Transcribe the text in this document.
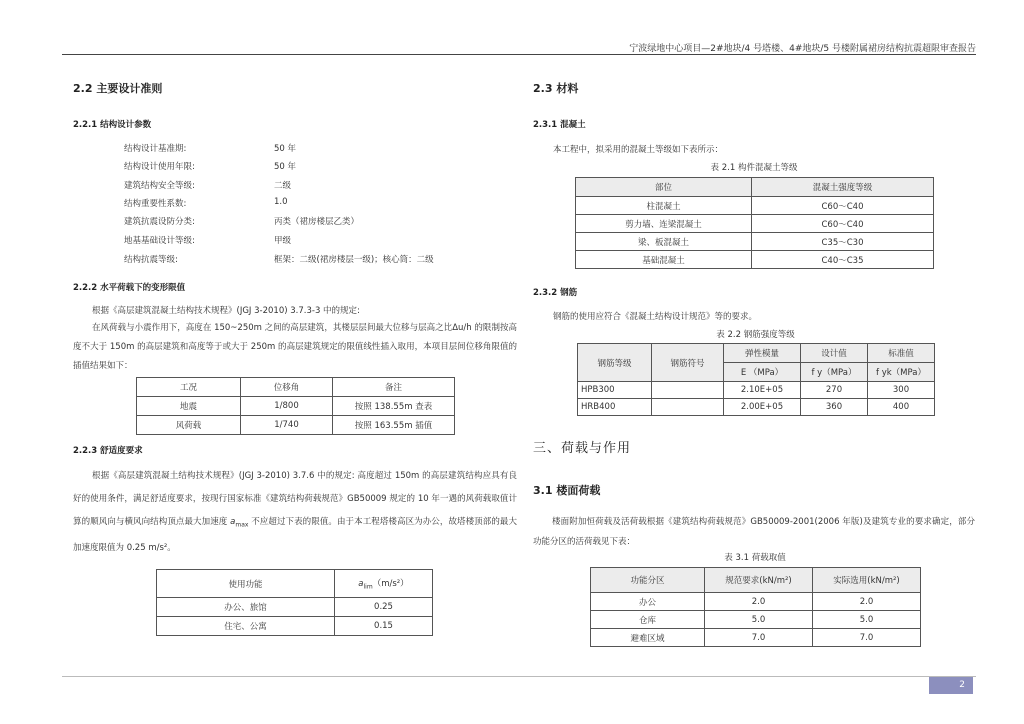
宁波绿地中心项目—2#地块/4 号塔楼、4#地块/5 号楼附属裙房结构抗震超限审查报告
2
2.2 主要设计准则
2.2.1 结构设计参数
结构设计基准期:	50 年
结构设计使用年限:	50 年
建筑结构安全等级:	二级
结构重要性系数:	1.0
建筑抗震设防分类:	丙类（裙房楼层乙类）
地基基础设计等级:	甲级
结构抗震等级:	框架：二级(裙房楼层一级)；核心筒：二级
2.2.2 水平荷载下的变形限值
根据《高层建筑混凝土结构技术规程》(JGJ 3-2010) 3.7.3-3 中的规定:
在风荷载与小震作用下，高度在 150~250m 之间的高层建筑，其楼层层间最大位移与层高之比Δu/h 的限制按高度不大于 150m 的高层建筑和高度等于或大于 250m 的高层建筑规定的限值线性插入取用，本项目层间位移角限值的插值结果如下：
工况	位移角	备注
地震	1/800	按照 138.55m 查表
风荷载	1/740	按照 163.55m 插值
2.2.3 舒适度要求
根据《高层建筑混凝土结构技术规程》(JGJ 3-2010) 3.7.6 中的规定: 高度超过 150m 的高层建筑结构应具有良好的使用条件，满足舒适度要求，按现行国家标准《建筑结构荷载规范》GB50009 规定的 10 年一遇的风荷载取值计算的顺风向与横风向结构顶点最大加速度 $a_{max}$ 不应超过下表的限值。由于本工程塔楼高区为办公，故塔楼顶部的最大加速度限值为 0.25 m/s²。
使用功能	$a_{lim}(m/s^2)$
办公、旅馆	0.25
住宅、公寓	0.15
2.3 材料
2.3.1 混凝土
本工程中，拟采用的混凝土等级如下表所示：
表 2.1 构件混凝土等级
部位	混凝土强度等级
柱混凝土	C60～C40
剪力墙、连梁混凝土	C60～C40
梁、板混凝土	C35～C30
基础混凝土	C40～C35
2.3.2 钢筋
钢筋的使用应符合《混凝土结构设计规范》等的要求。
表 2.2 钢筋强度等级
钢筋等级	钢筋符号	弹性模量	设计值	标准值
		E （MPa）	f y（MPa）	f yk（MPa）
HPB300		2.10E+05	270	300
HRB400		2.00E+05	360	400
三、荷载与作用
3.1 楼面荷载
楼面附加恒荷载及活荷载根据《建筑结构荷载规范》GB50009-2001(2006 年版)及建筑专业的要求确定，部分功能分区的活荷载见下表：
表 3.1 荷载取值
功能分区	规范要求(kN/m²)	实际选用(kN/m²)
办公	2.0	2.0
仓库	5.0	5.0
避难区域	7.0	7.0
